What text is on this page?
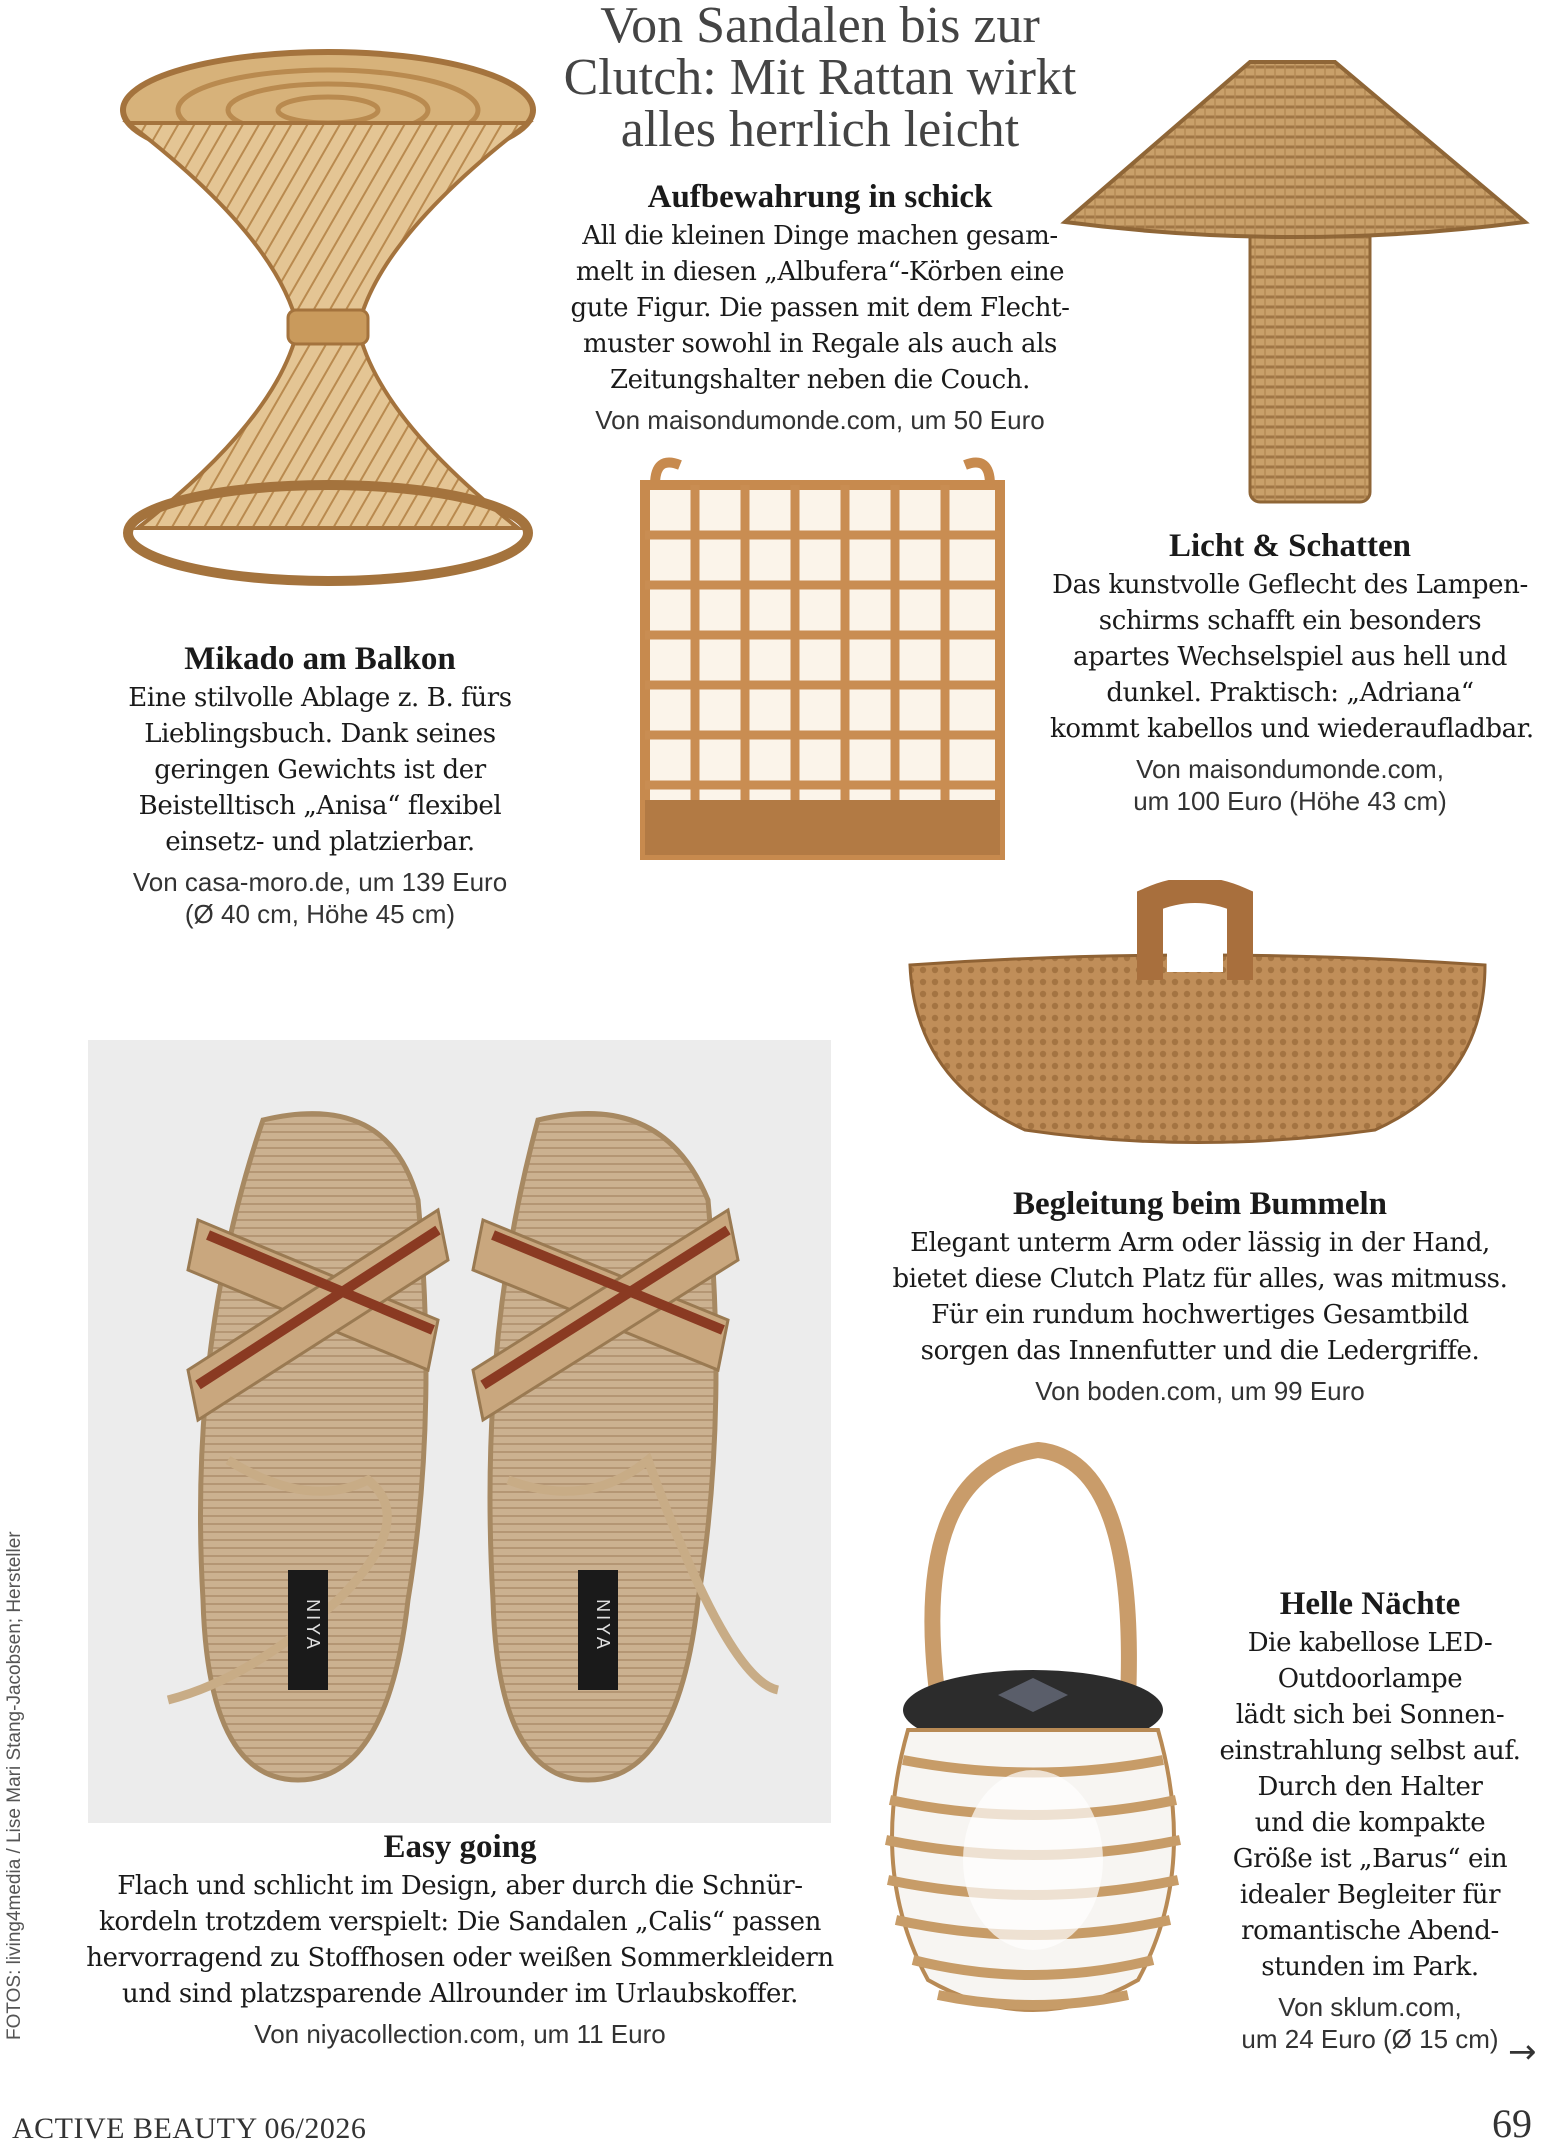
NIYA	NIYA
Von Sandalen bis zur
Clutch: Mit Rattan wirkt
alles herrlich leicht
Aufbewahrung in schick
All die kleinen Dinge machen gesam-
melt in diesen „Albufera“-Körben eine
gute Figur. Die passen mit dem Flecht-
muster sowohl in Regale als auch als
Zeitungshalter neben die Couch.
Von maisondumonde.com, um 50 Euro
Licht & Schatten
Das kunstvolle Geflecht des Lampen-
schirms schafft ein besonders
apartes Wechselspiel aus hell und
dunkel. Praktisch: „Adriana“
kommt kabellos und wiederaufladbar.
Von maisondumonde.com,
um 100 Euro (Höhe 43 cm)
Mikado am Balkon
Eine stilvolle Ablage z. B. fürs
Lieblingsbuch. Dank seines
geringen Gewichts ist der
Beistelltisch „Anisa“ flexibel
einsetz- und platzierbar.
Von casa-moro.de, um 139 Euro
(Ø 40 cm, Höhe 45 cm)
Begleitung beim Bummeln
Elegant unterm Arm oder lässig in der Hand,
bietet diese Clutch Platz für alles, was mitmuss.
Für ein rundum hochwertiges Gesamtbild
sorgen das Innenfutter und die Ledergriffe.
Von boden.com, um 99 Euro
Easy going
Flach und schlicht im Design, aber durch die Schnür-
kordeln trotzdem verspielt: Die Sandalen „Calis“ passen
hervorragend zu Stoffhosen oder weißen Sommerkleidern
und sind platzsparende Allrounder im Urlaubskoffer.
Von niyacollection.com, um 11 Euro
Helle Nächte
Die kabellose LED-
Outdoorlampe
lädt sich bei Sonnen-
einstrahlung selbst auf.
Durch den Halter
und die kompakte
Größe ist „Barus“ ein
idealer Begleiter für
romantische Abend-
stunden im Park.
Von sklum.com,
um 24 Euro (Ø 15 cm)
FOTOS: living4media / Lise Mari Stang-Jacobsen; Hersteller
ACTIVE BEAUTY 06/2026	69
→
